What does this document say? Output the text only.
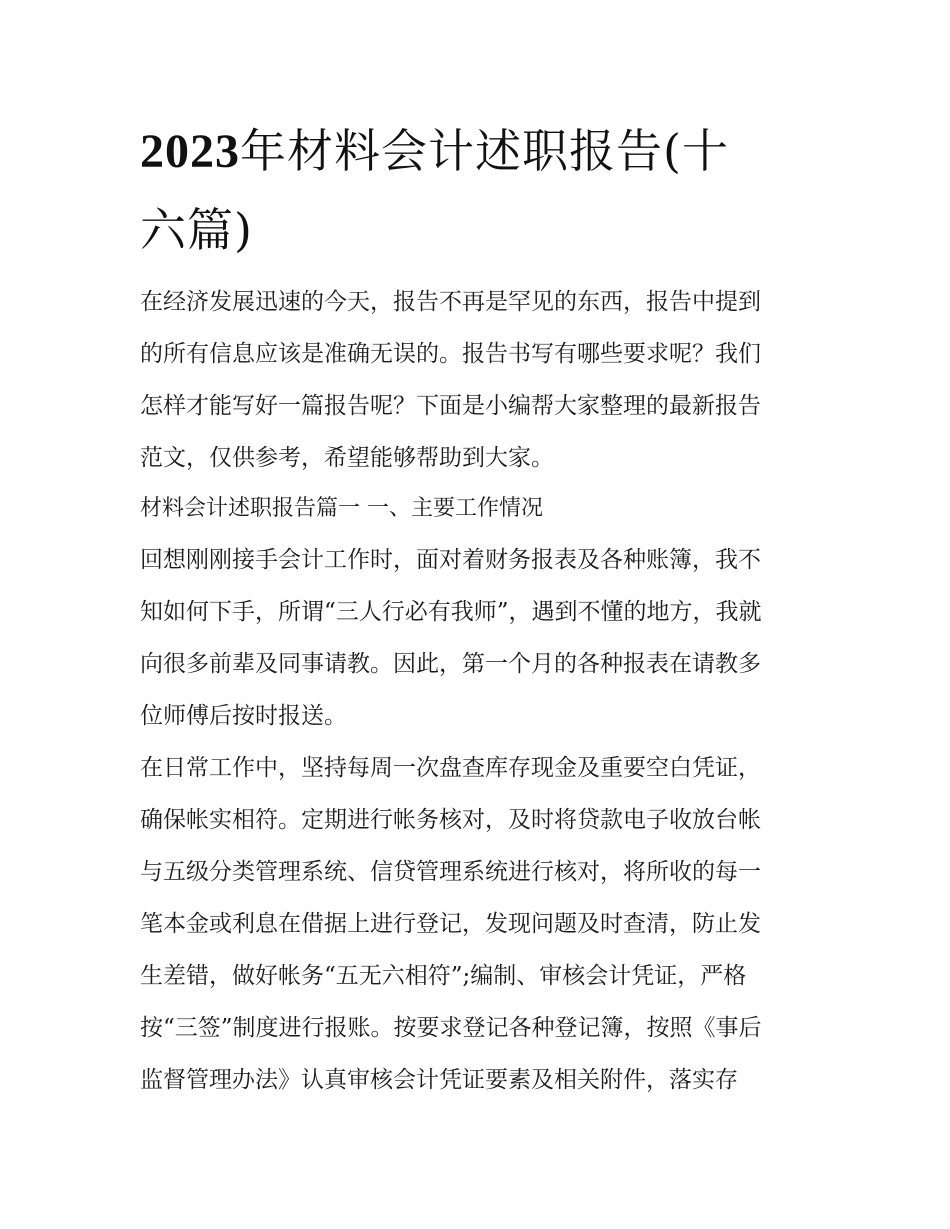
2023年材料会计述职报告(十
六篇)
在经济发展迅速的今天，报告不再是罕见的东西，报告中提到
的所有信息应该是准确无误的。报告书写有哪些要求呢？我们
怎样才能写好一篇报告呢？下面是小编帮大家整理的最新报告
范文，仅供参考，希望能够帮助到大家。
材料会计述职报告篇一 一、主要工作情况
回想刚刚接手会计工作时，面对着财务报表及各种账簿，我不
知如何下手，所谓“三人行必有我师”，遇到不懂的地方，我就
向很多前辈及同事请教。因此，第一个月的各种报表在请教多
位师傅后按时报送。
在日常工作中，坚持每周一次盘查库存现金及重要空白凭证，
确保帐实相符。定期进行帐务核对，及时将贷款电子收放台帐
与五级分类管理系统、信贷管理系统进行核对，将所收的每一
笔本金或利息在借据上进行登记，发现问题及时查清，防止发
生差错，做好帐务“五无六相符”;编制、审核会计凭证，严格
按“三签”制度进行报账。按要求登记各种登记簿，按照《事后
监督管理办法》认真审核会计凭证要素及相关附件，落实存
